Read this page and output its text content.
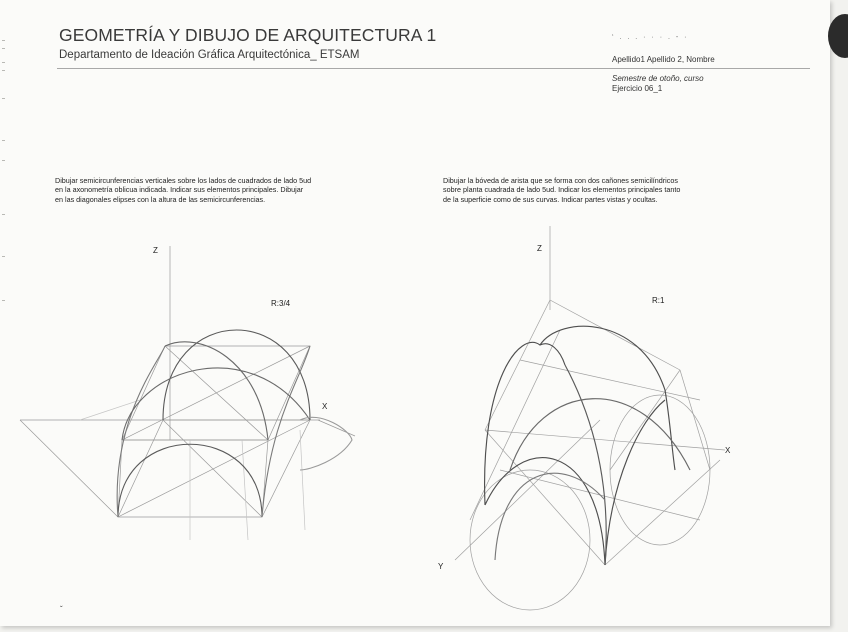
GEOMETRÍA Y DIBUJO DE ARQUITECTURA 1
Departamento de Ideación Gráfica Arquitectónica_ ETSAM
‘ . . . · · · . - ·
Apellido1 Apellido 2, Nombre
Semestre de otoño, curso
Ejercicio 06_1
Dibujar semicircunferencias verticales sobre los lados de cuadrados de lado 5ud
en la axonometría oblicua indicada. Indicar sus elementos principales. Dibujar
en las diagonales elipses con la altura de las semicircunferencias.
Dibujar la bóveda de arista que se forma con dos cañones semicilíndricos
sobre planta cuadrada de lado 5ud. Indicar los elementos principales tanto
de la superficie como de sus curvas. Indicar partes vistas y ocultas.
Z
R:3/4
X
Z
R:1
X
Y
ˇ
